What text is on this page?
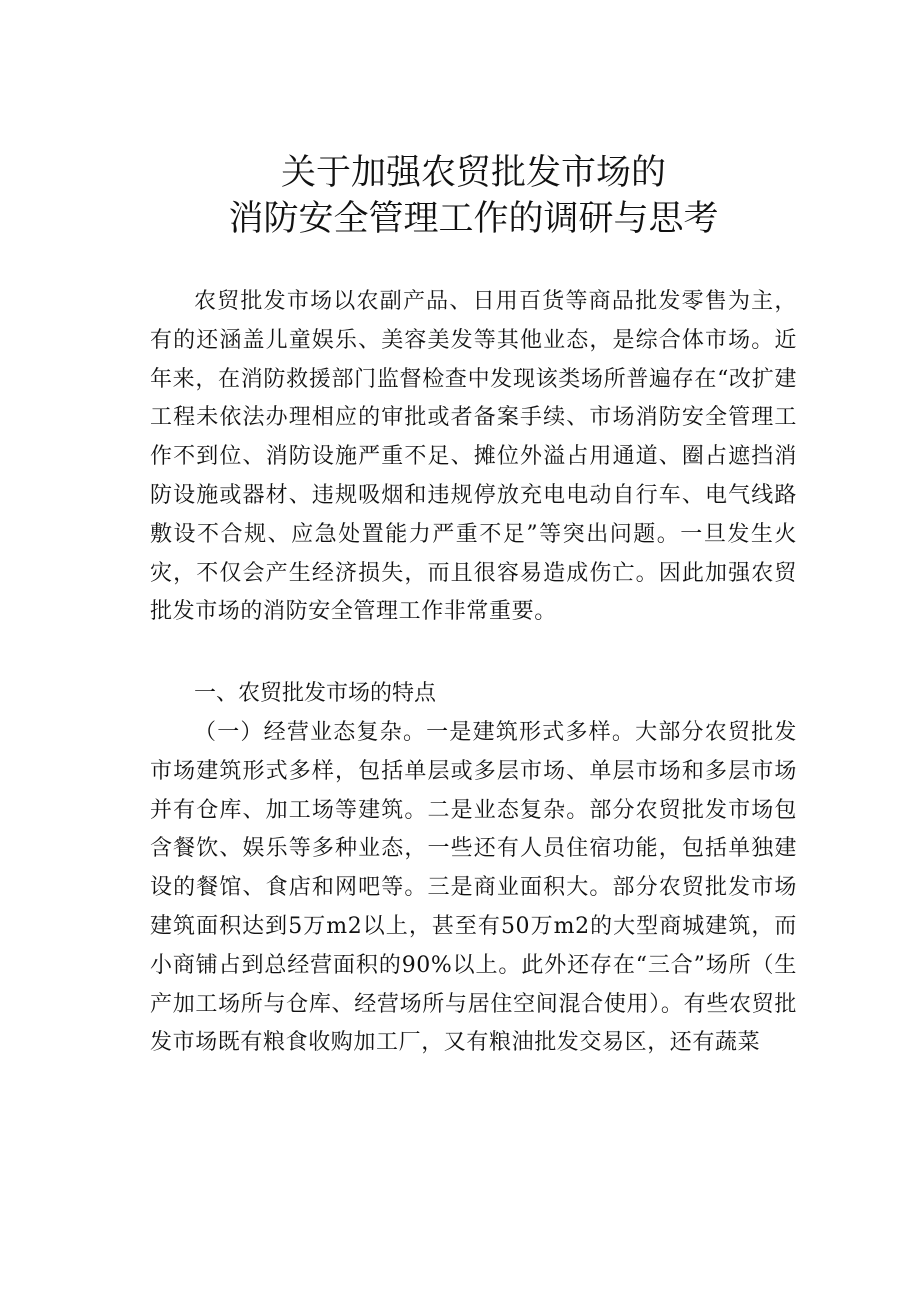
关于加强农贸批发市场的
消防安全管理工作的调研与思考

农贸批发市场以农副产品、日用百货等商品批发零售为主，有的还涵盖儿童娱乐、美容美发等其他业态，是综合体市场。近年来，在消防救援部门监督检查中发现该类场所普遍存在“改扩建工程未依法办理相应的审批或者备案手续、市场消防安全管理工作不到位、消防设施严重不足、摊位外溢占用通道、圈占遮挡消防设施或器材、违规吸烟和违规停放充电电动自行车、电气线路敷设不合规、应急处置能力严重不足”等突出问题。一旦发生火灾，不仅会产生经济损失，而且很容易造成伤亡。因此加强农贸批发市场的消防安全管理工作非常重要。

一、农贸批发市场的特点

（一）经营业态复杂。一是建筑形式多样。大部分农贸批发市场建筑形式多样，包括单层或多层市场、单层市场和多层市场并有仓库、加工场等建筑。二是业态复杂。部分农贸批发市场包含餐饮、娱乐等多种业态，一些还有人员住宿功能，包括单独建设的餐馆、食店和网吧等。三是商业面积大。部分农贸批发市场建筑面积达到5万m2以上，甚至有50万m2的大型商城建筑，而小商铺占到总经营面积的90%以上。此外还存在“三合”场所（生产加工场所与仓库、经营场所与居住空间混合使用）。有些农贸批发市场既有粮食收购加工厂，又有粮油批发交易区，还有蔬菜
